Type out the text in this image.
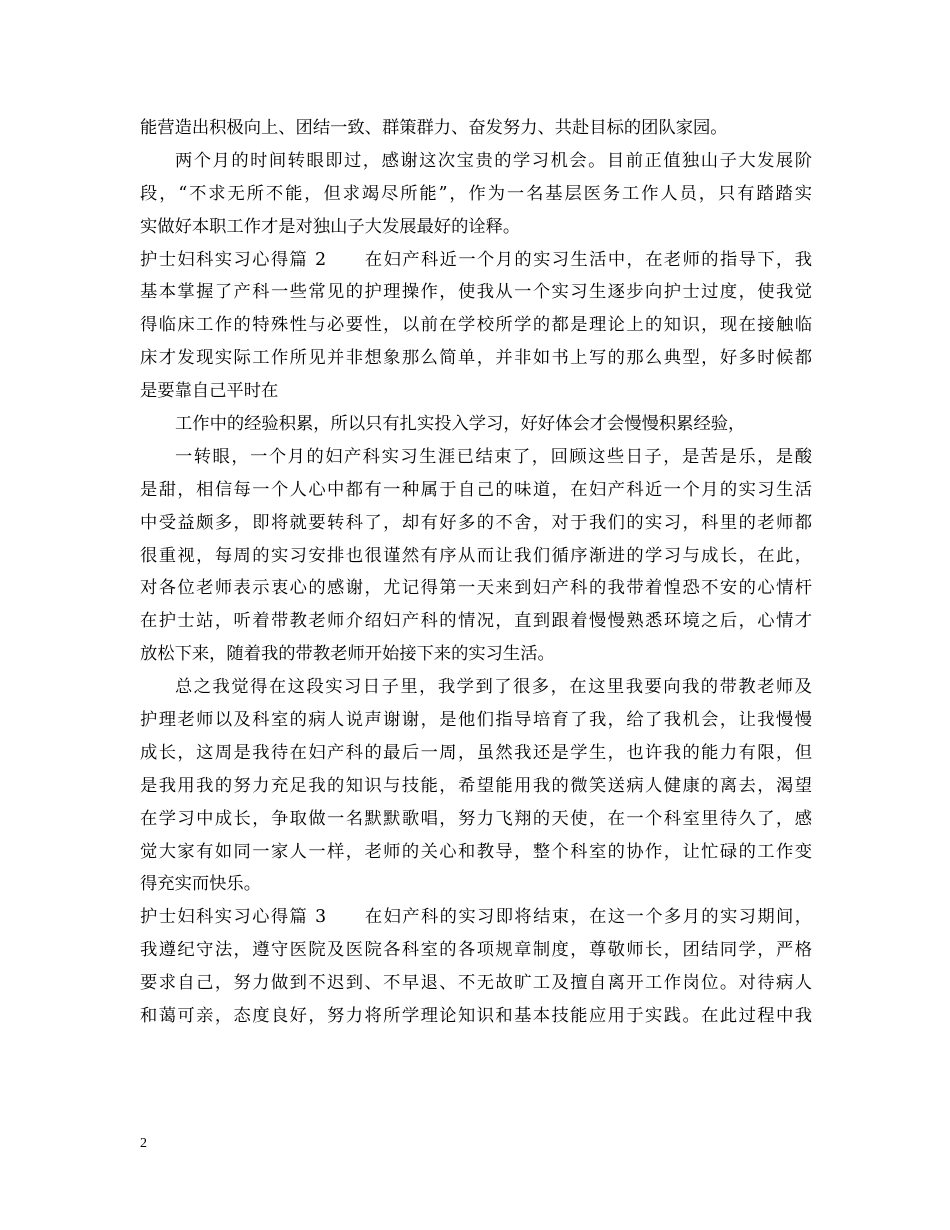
能营造出积极向上、团结一致、群策群力、奋发努力、共赴目标的团队家园。
两个月的时间转眼即过，感谢这次宝贵的学习机会。目前正值独山子大发展阶
段，“不求无所不能，但求竭尽所能”，作为一名基层医务工作人员，只有踏踏实
实做好本职工作才是对独山子大发展最好的诠释。
护士妇科实习心得篇 2　　在妇产科近一个月的实习生活中，在老师的指导下，我
基本掌握了产科一些常见的护理操作，使我从一个实习生逐步向护士过度，使我觉
得临床工作的特殊性与必要性，以前在学校所学的都是理论上的知识，现在接触临
床才发现实际工作所见并非想象那么简单，并非如书上写的那么典型，好多时候都
是要靠自己平时在
工作中的经验积累，所以只有扎实投入学习，好好体会才会慢慢积累经验，
一转眼，一个月的妇产科实习生涯已结束了，回顾这些日子，是苦是乐，是酸
是甜，相信每一个人心中都有一种属于自己的味道，在妇产科近一个月的实习生活
中受益颇多，即将就要转科了，却有好多的不舍，对于我们的实习，科里的老师都
很重视，每周的实习安排也很谨然有序从而让我们循序渐进的学习与成长，在此，
对各位老师表示衷心的感谢，尤记得第一天来到妇产科的我带着惶恐不安的心情杆
在护士站，听着带教老师介绍妇产科的情况，直到跟着慢慢熟悉环境之后，心情才
放松下来，随着我的带教老师开始接下来的实习生活。
总之我觉得在这段实习日子里，我学到了很多，在这里我要向我的带教老师及
护理老师以及科室的病人说声谢谢，是他们指导培育了我，给了我机会，让我慢慢
成长，这周是我待在妇产科的最后一周，虽然我还是学生，也许我的能力有限，但
是我用我的努力充足我的知识与技能，希望能用我的微笑送病人健康的离去，渴望
在学习中成长，争取做一名默默歌唱，努力飞翔的天使，在一个科室里待久了，感
觉大家有如同一家人一样，老师的关心和教导，整个科室的协作，让忙碌的工作变
得充实而快乐。
护士妇科实习心得篇 3　　在妇产科的实习即将结束，在这一个多月的实习期间，
我遵纪守法，遵守医院及医院各科室的各项规章制度，尊敬师长，团结同学，严格
要求自己，努力做到不迟到、不早退、不无故旷工及擅自离开工作岗位。对待病人
和蔼可亲，态度良好，努力将所学理论知识和基本技能应用于实践。在此过程中我
2
